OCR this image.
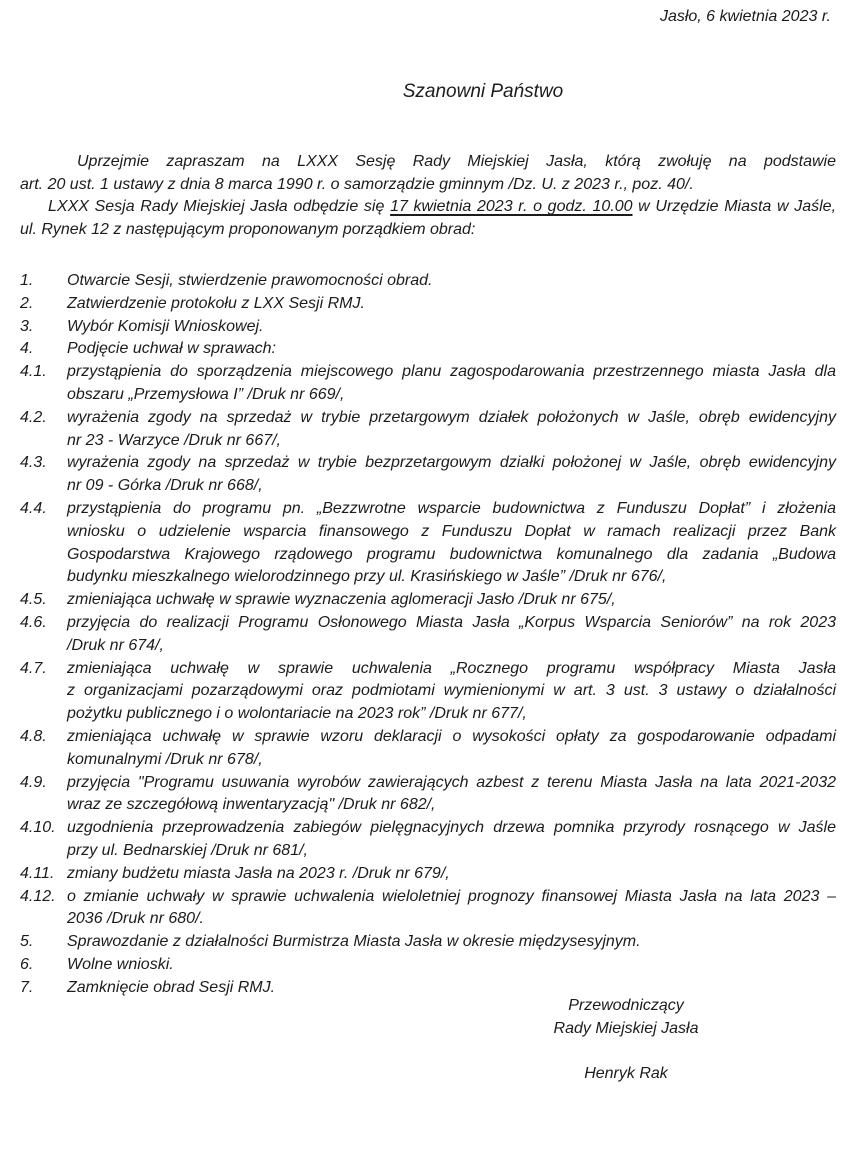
Jasło, 6 kwietnia 2023 r.
Szanowni Państwo
Uprzejmie zapraszam na LXXX Sesję Rady Miejskiej Jasła, którą zwołuję na podstawie
art. 20 ust. 1 ustawy z dnia 8 marca 1990 r. o samorządzie gminnym /Dz. U. z 2023 r., poz. 40/.
LXXX Sesja Rady Miejskiej Jasła odbędzie się 17 kwietnia 2023 r. o godz. 10.00 w Urzędzie Miasta w Jaśle,
ul. Rynek 12 z następującym proponowanym porządkiem obrad:
1.	Otwarcie Sesji, stwierdzenie prawomocności obrad.
2.	Zatwierdzenie protokołu z LXX Sesji RMJ.
3.	Wybór Komisji Wnioskowej.
4.	Podjęcie uchwał w sprawach:
4.1.	przystąpienia do sporządzenia miejscowego planu zagospodarowania przestrzennego miasta Jasła dla
obszaru „Przemysłowa I” /Druk nr 669/,
4.2.	wyrażenia zgody na sprzedaż w trybie przetargowym działek położonych w Jaśle, obręb ewidencyjny
nr 23 - Warzyce /Druk nr 667/,
4.3.	wyrażenia zgody na sprzedaż w trybie bezprzetargowym działki położonej w Jaśle, obręb ewidencyjny
nr 09 - Górka /Druk nr 668/,
4.4.	przystąpienia do programu pn. „Bezzwrotne wsparcie budownictwa z Funduszu Dopłat” i złożenia
wniosku o udzielenie wsparcia finansowego z Funduszu Dopłat w ramach realizacji przez Bank
Gospodarstwa Krajowego rządowego programu budownictwa komunalnego dla zadania „Budowa
budynku mieszkalnego wielorodzinnego przy ul. Krasińskiego w Jaśle” /Druk nr 676/,
4.5.	zmieniająca uchwałę w sprawie wyznaczenia aglomeracji Jasło /Druk nr 675/,
4.6.	przyjęcia do realizacji Programu Osłonowego Miasta Jasła „Korpus Wsparcia Seniorów” na rok 2023
/Druk nr 674/,
4.7.	zmieniająca uchwałę w sprawie uchwalenia „Rocznego programu współpracy Miasta Jasła
z organizacjami pozarządowymi oraz podmiotami wymienionymi w art. 3 ust. 3 ustawy o działalności
pożytku publicznego i o wolontariacie na 2023 rok” /Druk nr 677/,
4.8.	zmieniająca uchwałę w sprawie wzoru deklaracji o wysokości opłaty za gospodarowanie odpadami
komunalnymi /Druk nr 678/,
4.9.	przyjęcia "Programu usuwania wyrobów zawierających azbest z terenu Miasta Jasła na lata 2021-2032
wraz ze szczegółową inwentaryzacją" /Druk nr 682/,
4.10. uzgodnienia przeprowadzenia zabiegów pielęgnacyjnych drzewa pomnika przyrody rosnącego w Jaśle
przy ul. Bednarskiej /Druk nr 681/,
4.11. zmiany budżetu miasta Jasła na 2023 r. /Druk nr 679/,
4.12. o zmianie uchwały w sprawie uchwalenia wieloletniej prognozy finansowej Miasta Jasła na lata 2023 –
2036 /Druk nr 680/.
5.	Sprawozdanie z działalności Burmistrza Miasta Jasła w okresie międzysesyjnym.
6.	Wolne wnioski.
7.	Zamknięcie obrad Sesji RMJ.
Przewodniczący
Rady Miejskiej Jasła
Henryk Rak
